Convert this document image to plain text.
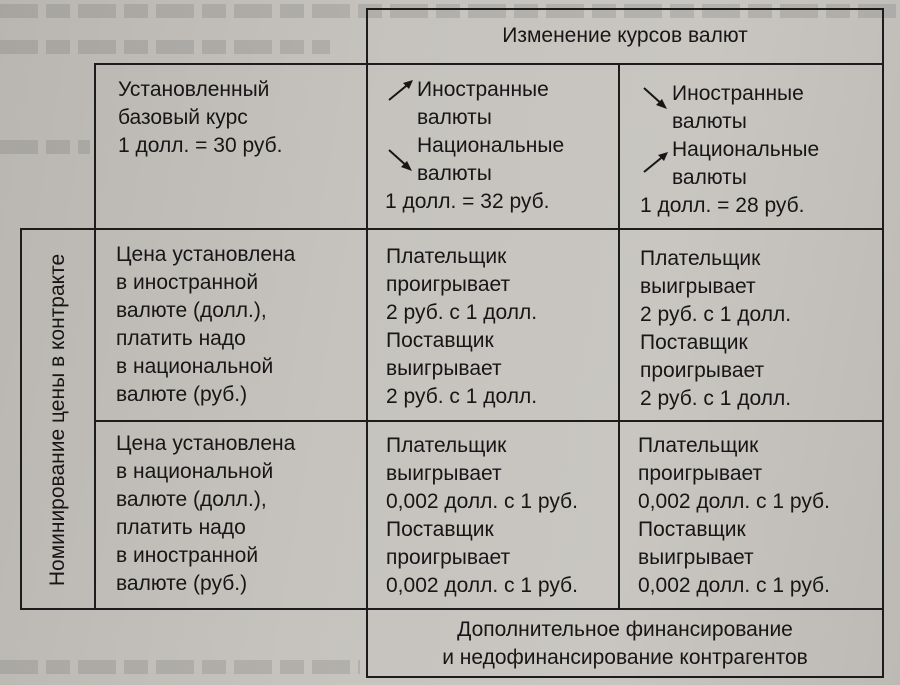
Изменение курсов валют
Установленный
базовый курс
1 долл. = 30 руб.
Иностранные
валюты
Национальные
валюты
1 долл. = 32 руб.
Иностранные
валюты
Национальные
валюты
1 долл. = 28 руб.
Номинирование цены в контракте Цена установлена
в иностранной
валюте (долл.),
платить надо
в национальной
валюте (руб.)
Плательщик
проигрывает
2 руб. с 1 долл.
Поставщик
выигрывает
2 руб. с 1 долл.
Плательщик
выигрывает
2 руб. с 1 долл.
Поставщик
проигрывает
2 руб. с 1 долл.
Цена установлена
в национальной
валюте (долл.),
платить надо
в иностранной
валюте (руб.)
Плательщик
выигрывает
0,002 долл. с 1 руб.
Поставщик
проигрывает
0,002 долл. с 1 руб.
Плательщик
проигрывает
0,002 долл. с 1 руб.
Поставщик
выигрывает
0,002 долл. с 1 руб.
Дополнительное финансирование
и недофинансирование контрагентов
